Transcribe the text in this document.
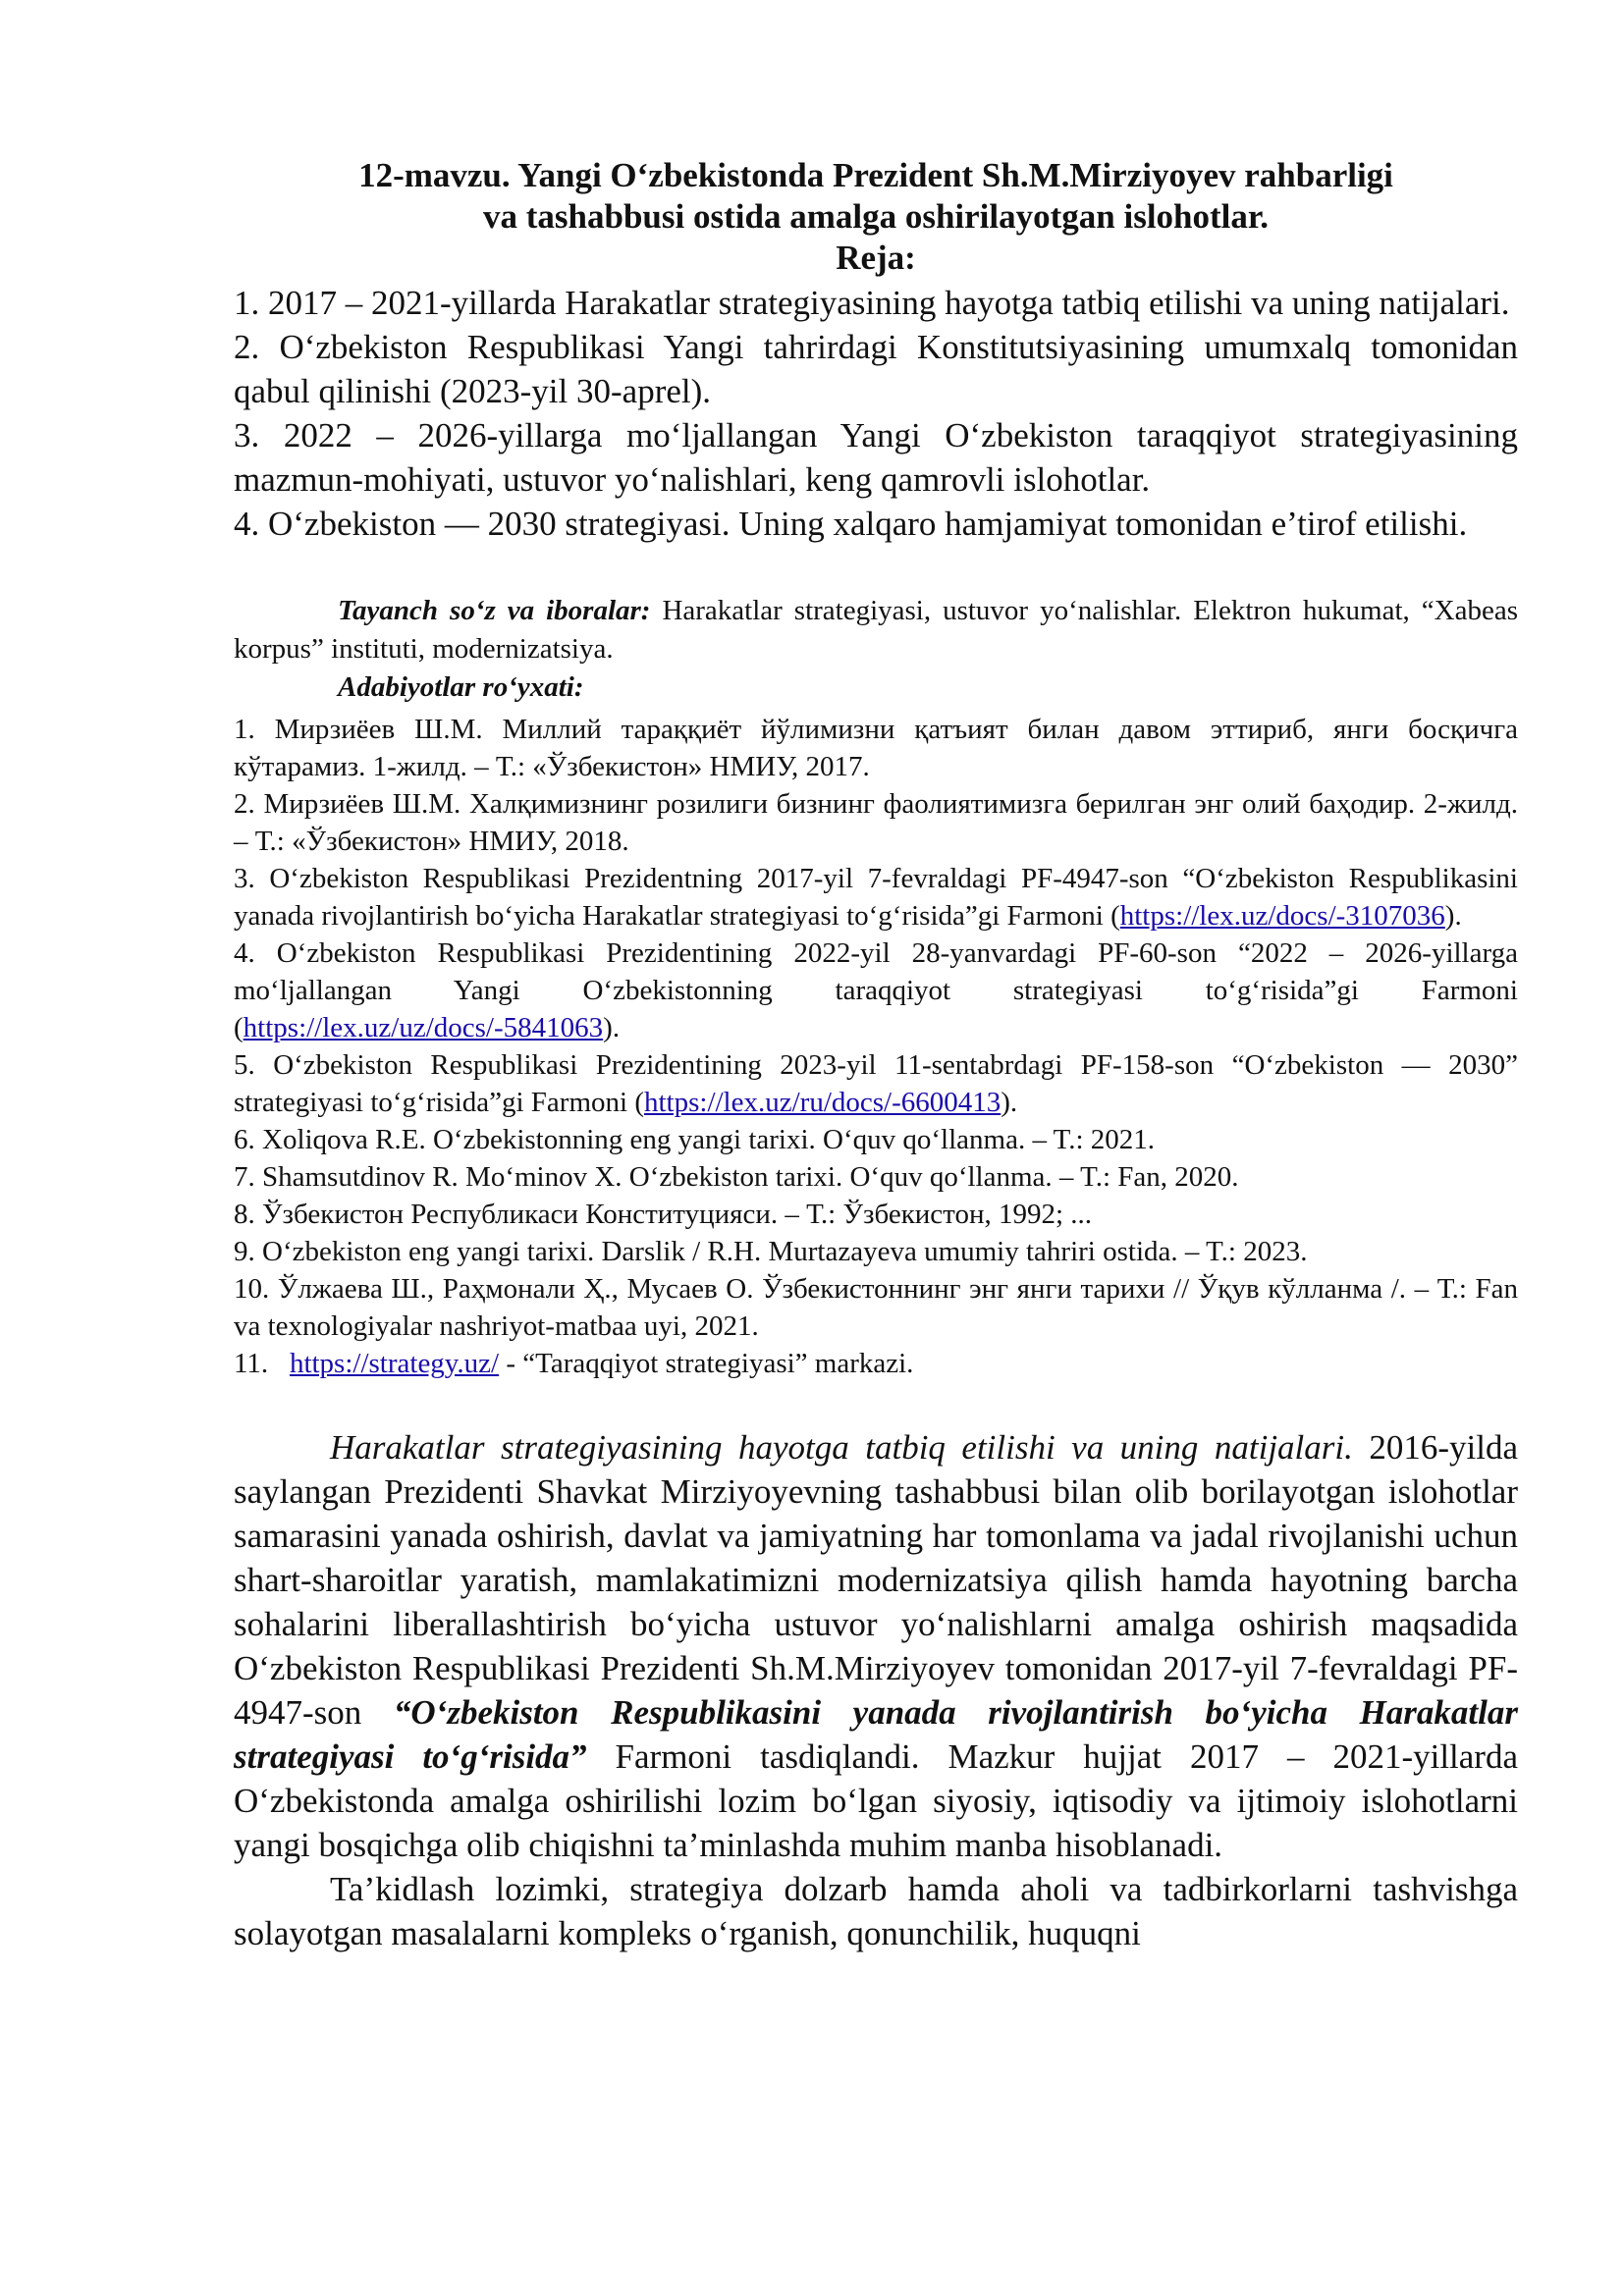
12-mavzu. Yangi O‘zbekistonda Prezident Sh.M.Mirziyoyev rahbarligi
va tashabbusi ostida amalga oshirilayotgan islohotlar.

Reja:

1. 2017 – 2021-yillarda Harakatlar strategiyasining hayotga tatbiq etilishi va uning natijalari.
2. O‘zbekiston Respublikasi Yangi tahrirdagi Konstitutsiyasining umumxalq tomonidan qabul qilinishi (2023-yil 30-aprel).
3. 2022 – 2026-yillarga mo‘ljallangan Yangi O‘zbekiston taraqqiyot strategiyasining mazmun-mohiyati, ustuvor yo‘nalishlari, keng qamrovli islohotlar.
4. O‘zbekiston — 2030 strategiyasi. Uning xalqaro hamjamiyat tomonidan e’tirof etilishi.

Tayanch so‘z va iboralar: Harakatlar strategiyasi, ustuvor yo‘nalishlar. Elektron hukumat, “Xabeas korpus” instituti, modernizatsiya.

Adabiyotlar ro‘yxati:

1. Мирзиёев Ш.М. Миллий тараққиёт йўлимизни қатъият билан давом эттириб, янги босқичга кўтарамиз. 1-жилд. – Т.: «Ўзбекистон» НМИУ, 2017.
2. Мирзиёев Ш.М. Халқимизнинг розилиги бизнинг фаолиятимизга берилган энг олий баҳодир. 2-жилд. – Т.: «Ўзбекистон» НМИУ, 2018.
3. O‘zbekiston Respublikasi Prezidentning 2017-yil 7-fevraldagi PF-4947-son “O‘zbekiston Respublikasini yanada rivojlantirish bo‘yicha Harakatlar strategiyasi to‘g‘risida”gi Farmoni (https://lex.uz/docs/-3107036).
4. O‘zbekiston Respublikasi Prezidentining 2022-yil 28-yanvardagi PF-60-son “2022 – 2026-yillarga mo‘ljallangan Yangi O‘zbekistonning taraqqiyot strategiyasi to‘g‘risida”gi Farmoni (https://lex.uz/uz/docs/-5841063).
5. O‘zbekiston Respublikasi Prezidentining 2023-yil 11-sentabrdagi PF-158-son “O‘zbekiston — 2030” strategiyasi to‘g‘risida”gi Farmoni (https://lex.uz/ru/docs/-6600413).
6. Xoliqova R.E. O‘zbekistonning eng yangi tarixi. O‘quv qo‘llanma. – T.: 2021.
7. Shamsutdinov R. Mo‘minov X. O‘zbekiston tarixi. O‘quv qo‘llanma. – T.: Fan, 2020.
8. Ўзбекистон Республикаси Конституцияси. – Т.: Ўзбекистон, 1992; ...
9. O‘zbekiston eng yangi tarixi. Darslik / R.H. Murtazayeva umumiy tahriri ostida. – T.: 2023.
10. Ўлжаева Ш., Раҳмонали Ҳ., Мусаев О. Ўзбекистоннинг энг янги тарихи // Ўқув кўлланма /. – Т.: Fan va texnologiyalar nashriyot-matbaa uyi, 2021.
11.   https://strategy.uz/ - “Taraqqiyot strategiyasi” markazi.

Harakatlar strategiyasining hayotga tatbiq etilishi va uning natijalari. 2016-yilda saylangan Prezidenti Shavkat Mirziyoyevning tashabbusi bilan olib borilayotgan islohotlar samarasini yanada oshirish, davlat va jamiyatning har tomonlama va jadal rivojlanishi uchun shart-sharoitlar yaratish, mamlakatimizni modernizatsiya qilish hamda hayotning barcha sohalarini liberallashtirish bo‘yicha ustuvor yo‘nalishlarni amalga oshirish maqsadida O‘zbekiston Respublikasi Prezidenti Sh.M.Mirziyoyev tomonidan 2017-yil 7-fevraldagi PF-4947-son “O‘zbekiston Respublikasini yanada rivojlantirish bo‘yicha Harakatlar strategiyasi to‘g‘risida” Farmoni tasdiqlandi. Mazkur hujjat 2017 – 2021-yillarda O‘zbekistonda amalga oshirilishi lozim bo‘lgan siyosiy, iqtisodiy va ijtimoiy islohotlarni yangi bosqichga olib chiqishni ta’minlashda muhim manba hisoblanadi.

Ta’kidlash lozimki, strategiya dolzarb hamda aholi va tadbirkorlarni tashvishga solayotgan masalalarni kompleks o‘rganish, qonunchilik, huquqni
